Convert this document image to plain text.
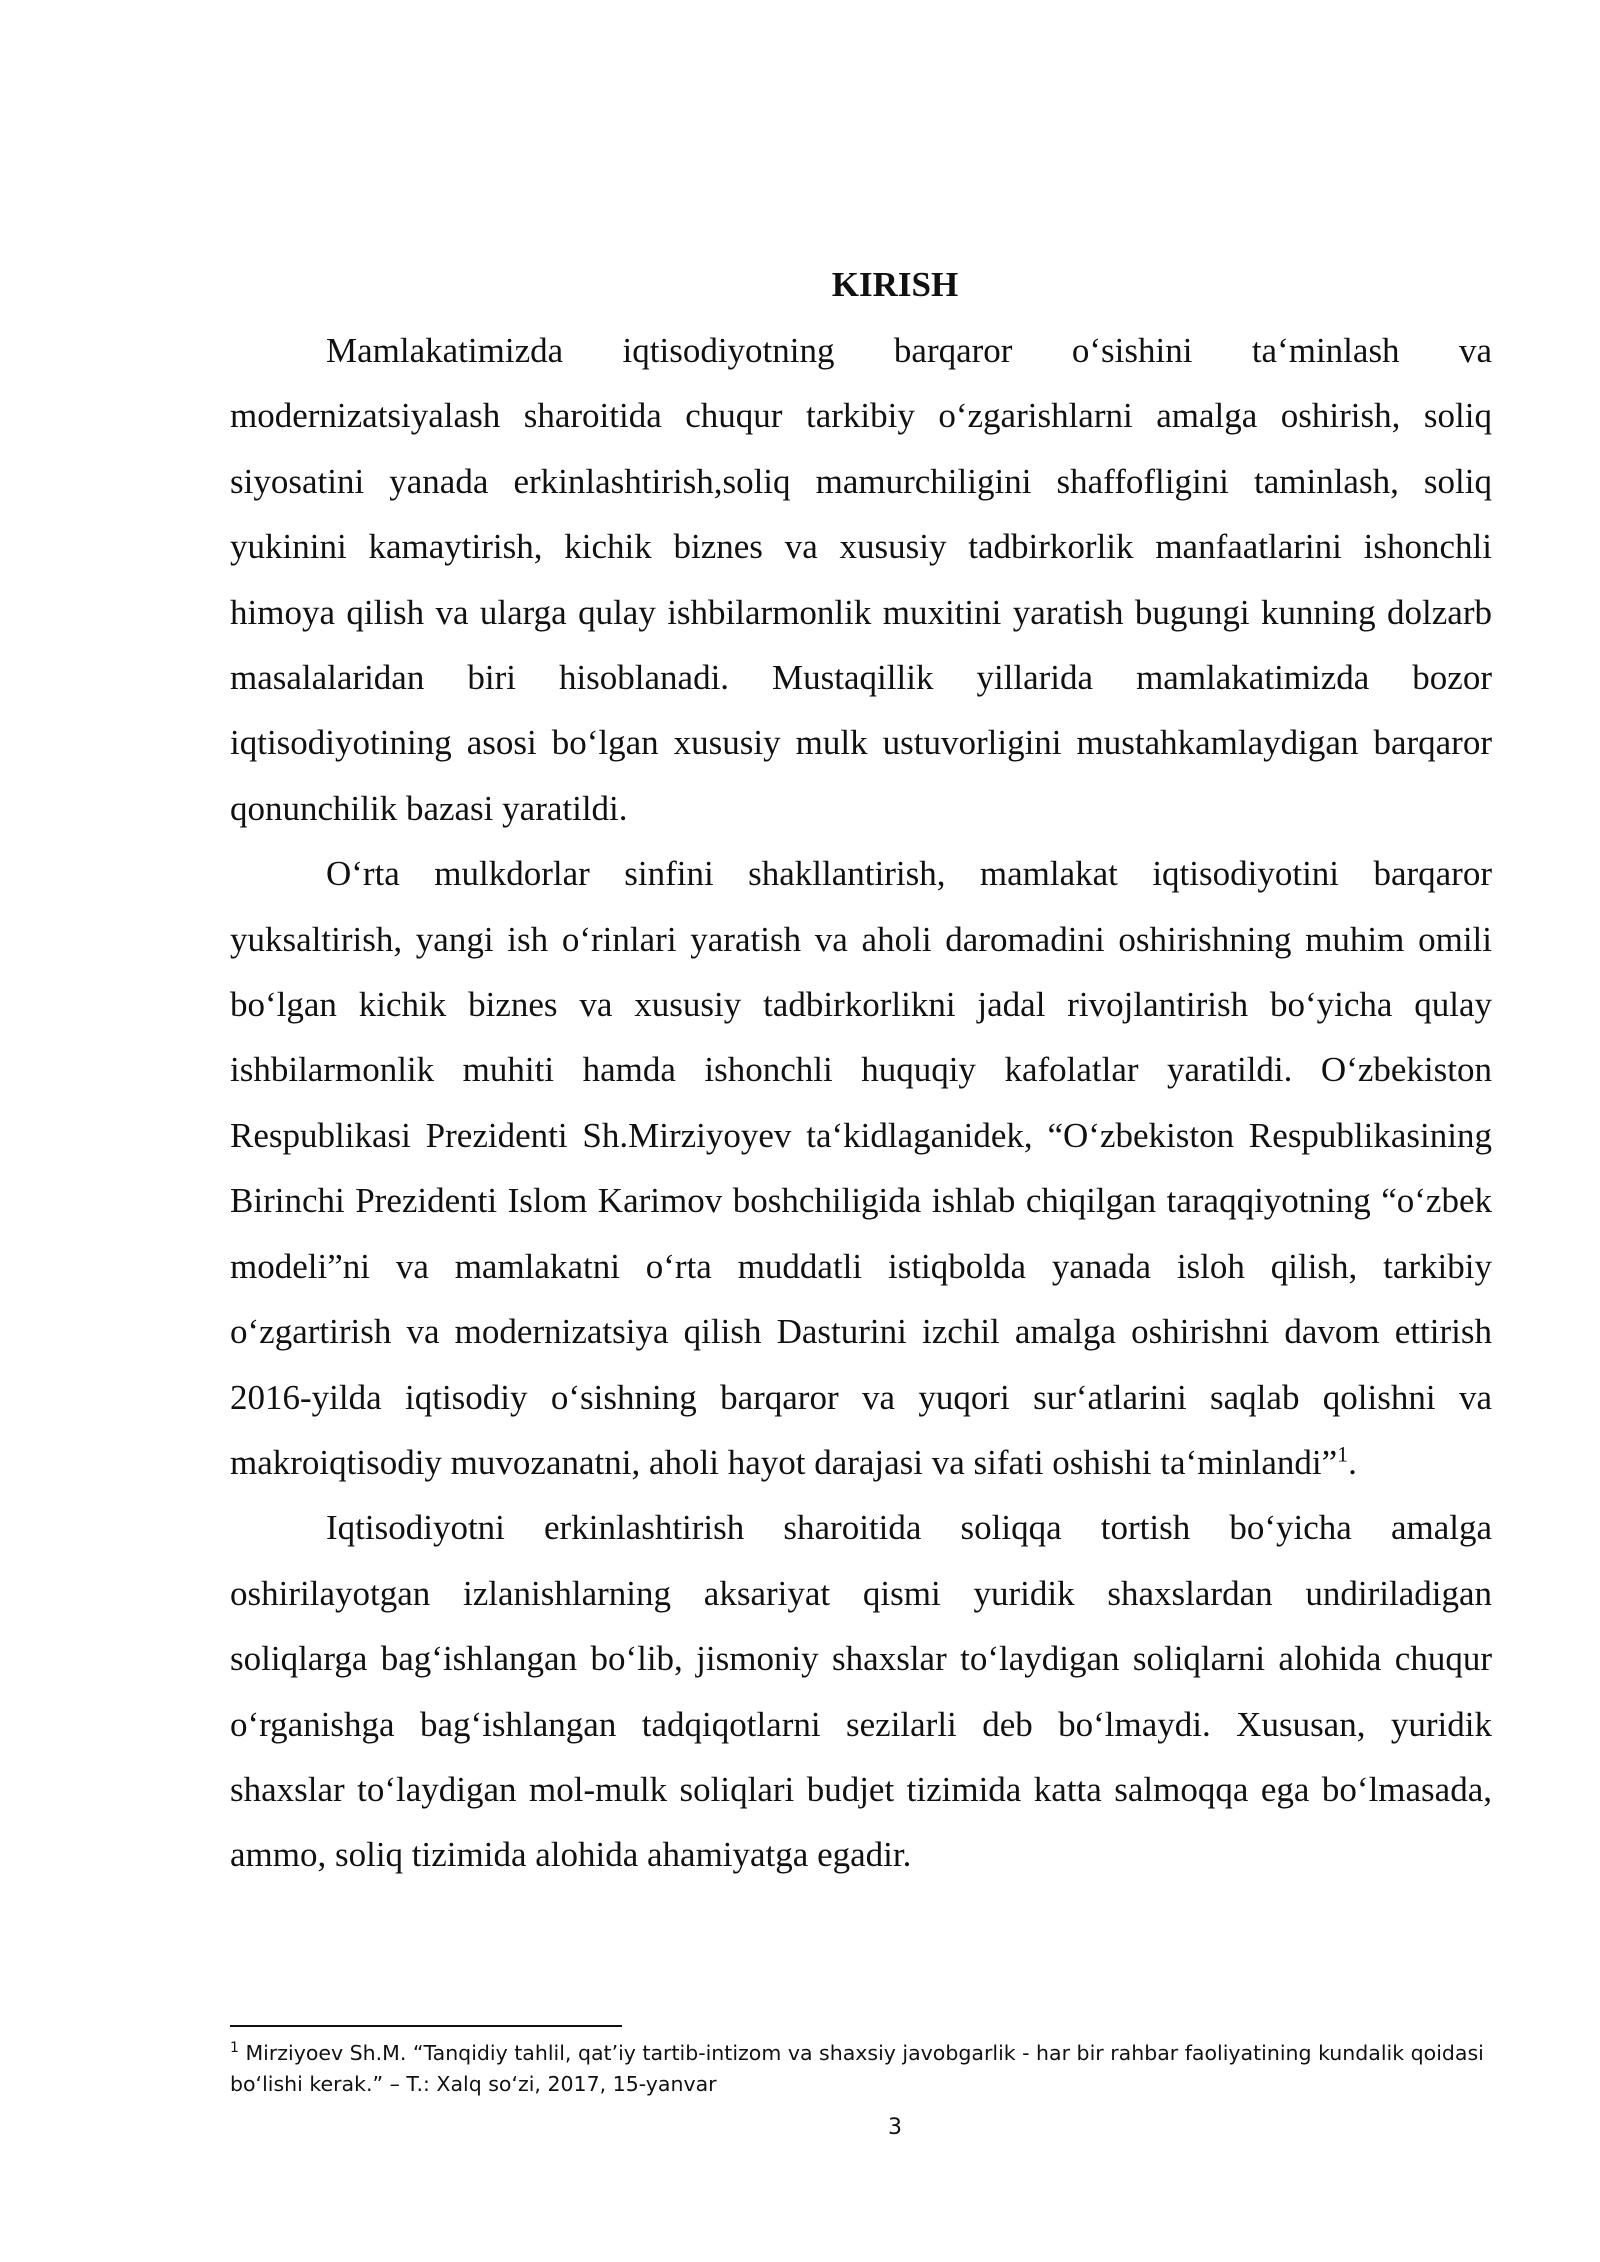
KIRISH

Mamlakatimizda iqtisodiyotning barqaror o‘sishini ta‘minlash va modernizatsiyalash sharoitida chuqur tarkibiy o‘zgarishlarni amalga oshirish, soliq siyosatini yanada erkinlashtirish,soliq mamurchiligini shaffofligini taminlash, soliq yukinini kamaytirish, kichik biznes va xususiy tadbirkorlik manfaatlarini ishonchli himoya qilish va ularga qulay ishbilarmonlik muxitini yaratish bugungi kunning dolzarb masalalaridan biri hisoblanadi. Mustaqillik yillarida mamlakatimizda bozor iqtisodiyotining asosi bo‘lgan xususiy mulk ustuvorligini mustahkamlaydigan barqaror qonunchilik bazasi yaratildi.

O‘rta mulkdorlar sinfini shakllantirish, mamlakat iqtisodiyotini barqaror yuksaltirish, yangi ish o‘rinlari yaratish va aholi daromadini oshirishning muhim omili bo‘lgan kichik biznes va xususiy tadbirkorlikni jadal rivojlantirish bo‘yicha qulay ishbilarmonlik muhiti hamda ishonchli huquqiy kafolatlar yaratildi. O‘zbekiston Respublikasi Prezidenti Sh.Mirziyoyev ta‘kidlaganidek, “O‘zbekiston Respublikasining Birinchi Prezidenti Islom Karimov boshchiligida ishlab chiqilgan taraqqiyotning “o‘zbek modeli”ni va mamlakatni o‘rta muddatli istiqbolda yanada isloh qilish, tarkibiy o‘zgartirish va modernizatsiya qilish Dasturini izchil amalga oshirishni davom ettirish 2016-yilda iqtisodiy o‘sishning barqaror va yuqori sur‘atlarini saqlab qolishni va makroiqtisodiy muvozanatni, aholi hayot darajasi va sifati oshishi ta‘minlandi”$^1$.

Iqtisodiyotni erkinlashtirish sharoitida soliqqa tortish bo‘yicha amalga oshirilayotgan izlanishlarning aksariyat qismi yuridik shaxslardan undiriladigan soliqlarga bag‘ishlangan bo‘lib, jismoniy shaxslar to‘laydigan soliqlarni alohida chuqur o‘rganishga bag‘ishlangan tadqiqotlarni sezilarli deb bo‘lmaydi. Xususan, yuridik shaxslar to‘laydigan mol-mulk soliqlari budjet tizimida katta salmoqqa ega bo‘lmasada, ammo, soliq tizimida alohida ahamiyatga egadir.

$^1$ Mirziyoev Sh.M. “Tanqidiy tahlil, qat’iy tartib-intizom va shaxsiy javobgarlik - har bir rahbar faoliyatining kundalik qoidasi bo‘lishi kerak.” – T.: Xalq so‘zi, 2017, 15-yanvar
3
